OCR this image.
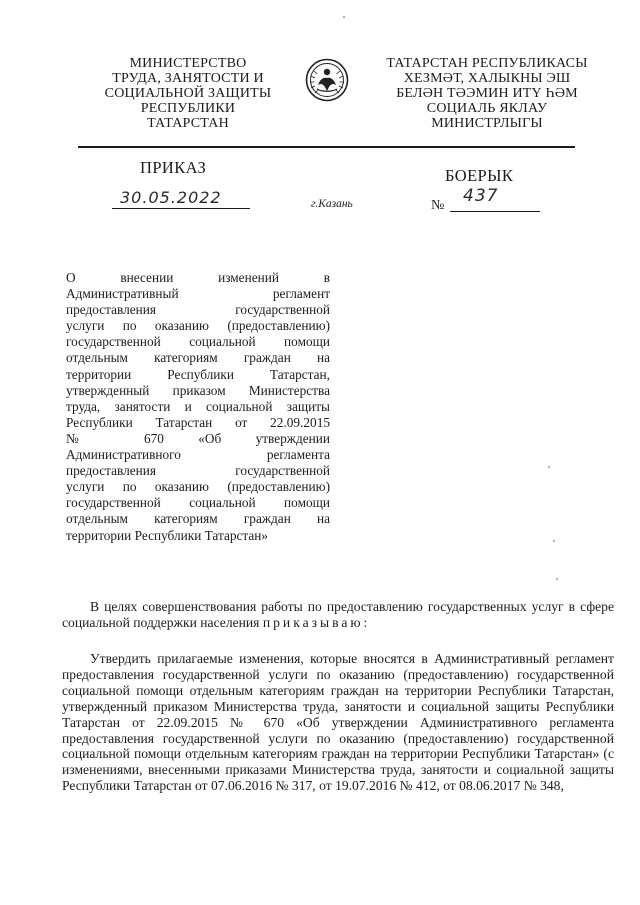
МИНИСТЕРСТВО
ТРУДА, ЗАНЯТОСТИ И
СОЦИАЛЬНОЙ ЗАЩИТЫ
РЕСПУБЛИКИ
ТАТАРСТАН
ТАТАРСТАН РЕСПУБЛИКАСЫ
ХЕЗМӘТ, ХАЛЫКНЫ ЭШ
БЕЛӘН ТӘЭМИН ИТҮ ҺӘМ
СОЦИАЛЬ ЯКЛАУ
МИНИСТРЛЫГЫ
ПРИКАЗ	БОЕРЫК
30.05.2022	г.Казань	№ 437
О внесении изменений в
Административный регламент
предоставления государственной
услуги по оказанию (предоставлению)
государственной социальной помощи
отдельным категориям граждан на
территории Республики Татарстан,
утвержденный приказом Министерства
труда, занятости и социальной защиты
Республики Татарстан от 22.09.2015
№ 670 «Об утверждении
Административного регламента
предоставления государственной
услуги по оказанию (предоставлению)
государственной социальной помощи
отдельным категориям граждан на
территории Республики Татарстан»
В целях совершенствования работы по предоставлению государственных услуг в сфере социальной поддержки населения приказываю:
Утвердить прилагаемые изменения, которые вносятся в Административный регламент предоставления государственной услуги по оказанию (предоставлению) государственной социальной помощи отдельным категориям граждан на территории Республики Татарстан, утвержденный приказом Министерства труда, занятости и социальной защиты Республики Татарстан от 22.09.2015 № 670 «Об утверждении Административного регламента предоставления государственной услуги по оказанию (предоставлению) государственной социальной помощи отдельным категориям граждан на территории Республики Татарстан» (с изменениями, внесенными приказами Министерства труда, занятости и социальной защиты Республики Татарстан от 07.06.2016 № 317, от 19.07.2016 № 412, от 08.06.2017 № 348,
